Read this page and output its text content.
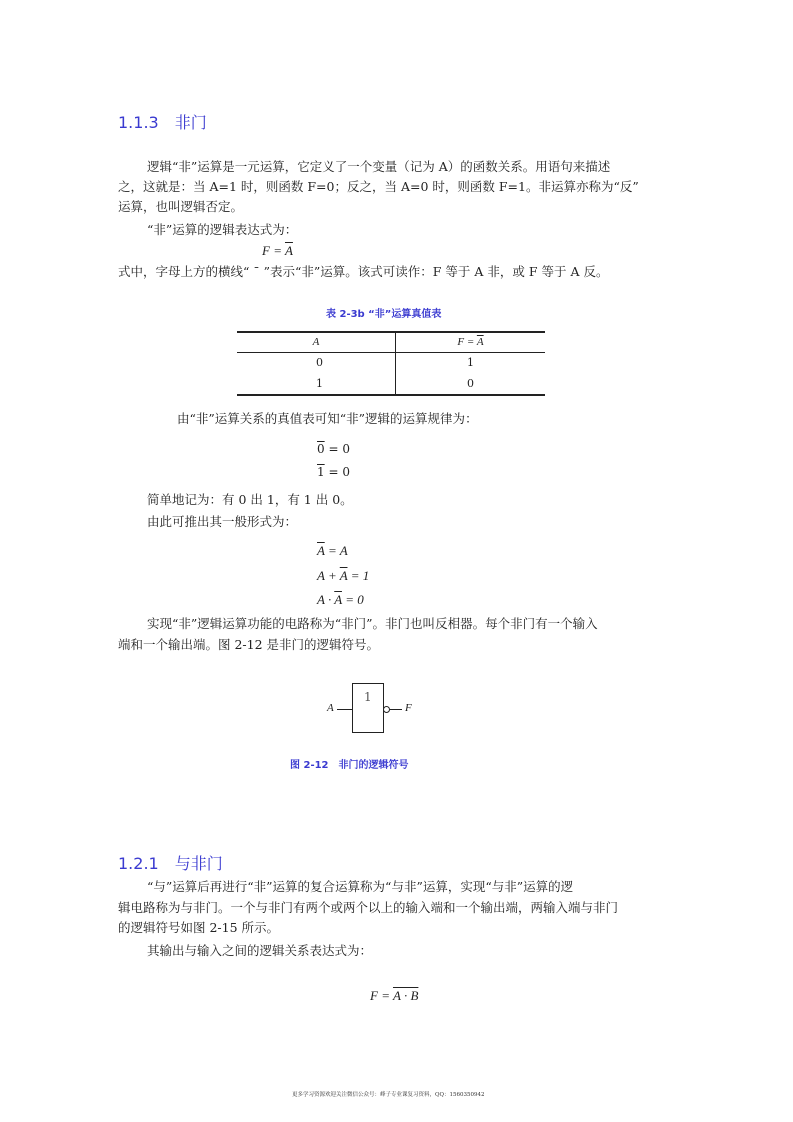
1.1.3　非门
逻辑“非”运算是一元运算，它定义了一个变量（记为 A）的函数关系。用语句来描述
之，这就是：当 A=1 时，则函数 F=0；反之，当 A=0 时，则函数 F=1。非运算亦称为“反”
运算，也叫逻辑否定。
“非”运算的逻辑表达式为：
$F = \overline{A}$
式中，字母上方的横线“ ¯ ”表示“非”运算。该式可读作：F 等于 A 非，或 F 等于 A 反。
表 2-3b “非”运算真值表
A	$F = \overline{A}$
0	1
1	0
由“非”运算关系的真值表可知“非”逻辑的运算规律为：
0 = 0
1 = 0
简单地记为：有 0 出 1，有 1 出 0。
由此可推出其一般形式为：
$\overline{A} = A$
$A + \overline{A} = 1$
$A \cdot \overline{A} = 0$
实现“非”逻辑运算功能的电路称为“非门”。非门也叫反相器。每个非门有一个输入
端和一个输出端。图 2-12 是非门的逻辑符号。
1
A	F
图 2-12　非门的逻辑符号
1.2.1　与非门
“与”运算后再进行“非”运算的复合运算称为“与非”运算，实现“与非”运算的逻
辑电路称为与非门。一个与非门有两个或两个以上的输入端和一个输出端，两输入端与非门
的逻辑符号如图 2-15 所示。
其输出与输入之间的逻辑关系表达式为：
F = A · B
更多学习资源欢迎关注微信公众号：峰子专业课复习资料，QQ：1560350942
